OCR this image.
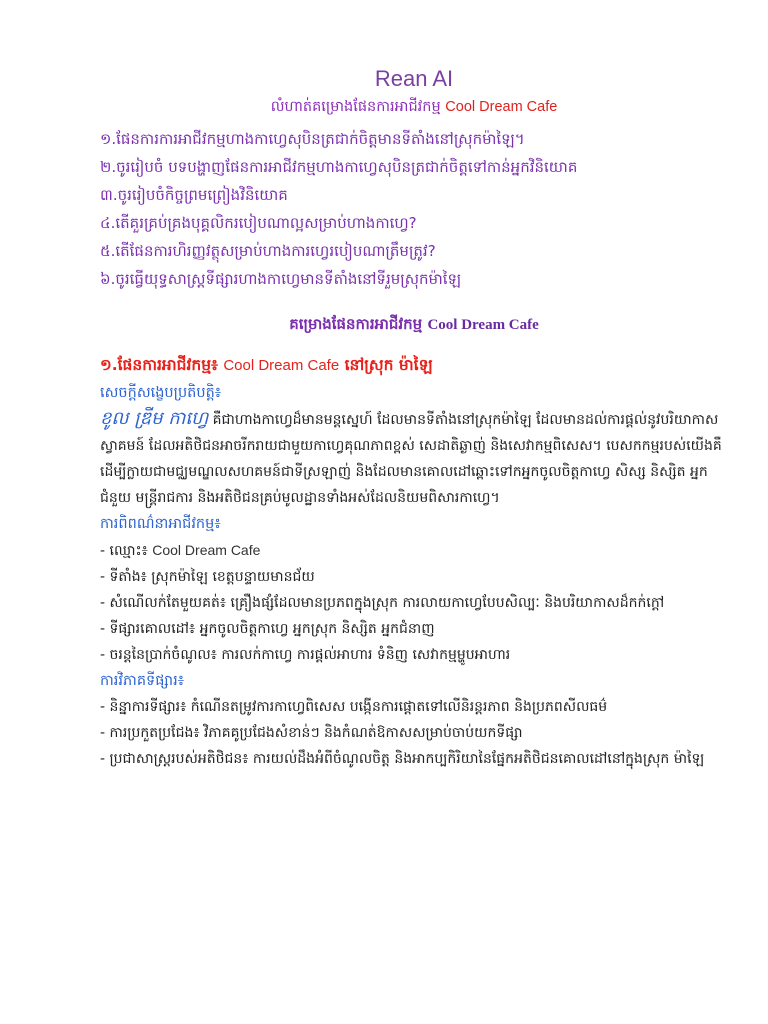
Rean AI
លំហាត់គម្រោងផែនការអាជីវកម្ម Cool Dream Cafe
១.ផែនការការអាជីវកម្មហាងកាហ្វេសុបិនត្រជាក់ចិត្តមានទីតាំងនៅស្រុកម៉ាឡៃ។
២.ចូររៀបចំ បទបង្ហាញផែនការអាជីវកម្មហាងកាហ្វេសុបិនត្រជាក់ចិត្តទៅកាន់អ្នកវិនិយោគ
៣.ចូររៀបចំកិច្ចព្រមព្រៀងវិនិយោគ
៤.តើគួរគ្រប់គ្រងបុគ្គលិករបៀបណាល្អសម្រាប់ហាងកាហ្វេ?
៥.តើផែនការហិរញ្ញវត្ថុសម្រាប់ហាងការហ្វេរបៀបណាត្រឹមត្រូវ?
៦.ចូរធ្វើយុទ្ធសាស្រ្តទីផ្សារហាងកាហ្វេមានទីតាំងនៅទីរួមស្រុកម៉ាឡៃ
គម្រោងផែនការអាជីវកម្ម Cool Dream Cafe
១.ផែនការអាជីវកម្ម៖ Cool Dream Cafe នៅស្រុក ម៉ាឡៃ
សេចក្តីសង្ខេបប្រតិបត្តិ៖

ខូល ឌ្រីម កាហ្វេ គឺជាហាងកាហ្វេដ៏មានមន្តស្នេហ៍ ដែលមានទីតាំងនៅស្រុកម៉ាឡៃ ដែលមានដល់ការផ្តល់នូវបរិយាកាសស្វាគមន៍ ដែលអតិថិជនអាចរីករាយជាមួយកាហ្វេគុណភាពខ្ពស់ សេដាតិឆ្ងាញ់ និងសេវាកម្មពិសេស។ បេសកកម្មរបស់យើងគឺដើម្បីក្លាយជាមជ្ឈមណ្ឌលសហគមន៍ជាទីស្រឡាញ់ និងដែលមានគោលដៅឆ្ពោះទៅកអ្នកចូលចិត្តកាហ្វេ សិស្ស និស្សិត អ្នកជំនួយ មន្ត្រីរាជការ និងអតិថិជនគ្រប់មូលដ្ឋានទាំងអស់ដែលនិយមពិសារកាហ្វេ។

ការពិពណ៌នាអាជីវកម្ម៖
- ឈ្មោះ៖ Cool Dream Cafe
- ទីតាំង៖ ស្រុកម៉ាឡៃ ខេត្តបន្ទាយមានជ័យ
- សំណើលក់តែមួយគត់៖ គ្រឿងផ្សំដែលមានប្រភពក្នុងស្រុក ការលាយកាហ្វេបែបសិល្បៈ និងបរិយាកាសដ៏កក់ក្តៅ
- ទីផ្សារគោលដៅ៖ អ្នកចូលចិត្តកាហ្វេ អ្នកស្រុក និស្សិត អ្នកជំនាញ
- ចរន្តនៃប្រាក់ចំណូល៖ ការលក់កាហ្វេ ការផ្តល់អាហារ ទំនិញ សេវាកម្មម្ហូបអាហារ
ការវិភាគទីផ្សារ៖
- និន្នាការទីផ្សារ៖ កំណើនតម្រូវការកាហ្វេពិសេស បង្កើនការផ្តោតទៅលើនិរន្តរភាព និងប្រភពសីលធម៌
- ការប្រកួតប្រជែង៖ វិភាគគូប្រជែងសំខាន់ៗ និងកំណត់ឱកាសសម្រាប់ចាប់យកទីផ្សា
- ប្រជាសាស្ត្ររបស់អតិថិជន៖ ការយល់ដឹងអំពីចំណូលចិត្ត និងអាកប្បកិរិយានៃផ្នែកអតិថិជនគោលដៅនៅក្នុងស្រុក ម៉ាឡៃ
